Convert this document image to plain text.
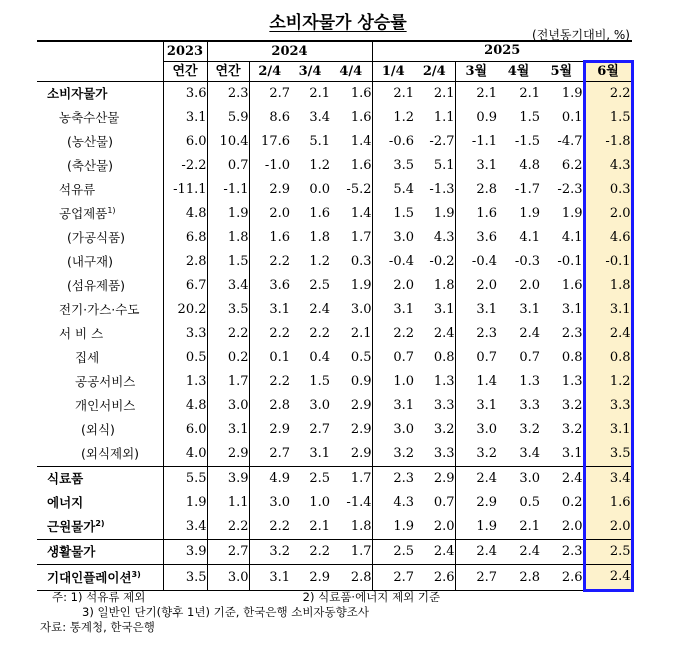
소비자물가 상승률
(전년동기대비, %)
	2023	2024				2025					
	연간	연간	2/4	3/4	4/4	1/4	2/4	3월	4월	5월	6월
소비자물가	3.6	2.3	2.7	2.1	1.6	2.1	2.1	2.1	2.1	1.9	2.2
농축수산물	3.1	5.9	8.6	3.4	1.6	1.2	1.1	0.9	1.5	0.1	1.5
(농산물)	6.0	10.4	17.6	5.1	1.4	-0.6	-2.7	-1.1	-1.5	-4.7	-1.8
(축산물)	-2.2	0.7	-1.0	1.2	1.6	3.5	5.1	3.1	4.8	6.2	4.3
석유류	-11.1	-1.1	2.9	0.0	-5.2	5.4	-1.3	2.8	-1.7	-2.3	0.3
공업제품$^{1)}$	4.8	1.9	2.0	1.6	1.4	1.5	1.9	1.6	1.9	1.9	2.0
(가공식품)	6.8	1.8	1.6	1.8	1.7	3.0	4.3	3.6	4.1	4.1	4.6
(내구재)	2.8	1.5	2.2	1.2	0.3	-0.4	-0.2	-0.4	-0.3	-0.1	-0.1
(섬유제품)	6.7	3.4	3.6	2.5	1.9	2.0	1.8	2.0	2.0	1.6	1.8
전기·가스·수도	20.2	3.5	3.1	2.4	3.0	3.1	3.1	3.1	3.1	3.1	3.1
서 비 스	3.3	2.2	2.2	2.2	2.1	2.2	2.4	2.3	2.4	2.3	2.4
집세	0.5	0.2	0.1	0.4	0.5	0.7	0.8	0.7	0.7	0.8	0.8
공공서비스	1.3	1.7	2.2	1.5	0.9	1.0	1.3	1.4	1.3	1.3	1.2
개인서비스	4.8	3.0	2.8	3.0	2.9	3.1	3.3	3.1	3.3	3.2	3.3
(외식)	6.0	3.1	2.9	2.7	2.9	3.0	3.2	3.0	3.2	3.2	3.1
(외식제외)	4.0	2.9	2.7	3.1	2.9	3.2	3.3	3.2	3.4	3.1	3.5
식료품	5.5	3.9	4.9	2.5	1.7	2.3	2.9	2.4	3.0	2.4	3.4
에너지	1.9	1.1	3.0	1.0	-1.4	4.3	0.7	2.9	0.5	0.2	1.6
근원물가$^{2)}$	3.4	2.2	2.2	2.1	1.8	1.9	2.0	1.9	2.1	2.0	2.0
생활물가	3.9	2.7	3.2	2.2	1.7	2.5	2.4	2.4	2.4	2.3	2.5
기대인플레이션$^{3)}$	3.5	3.0	3.1	2.9	2.8	2.7	2.6	2.7	2.8	2.6	2.4
주: 1) 석유류 제외	2) 식료품·에너지 제외 기준
3) 일반인 단기(향후 1년) 기준, 한국은행 소비자동향조사
자료: 통계청, 한국은행
